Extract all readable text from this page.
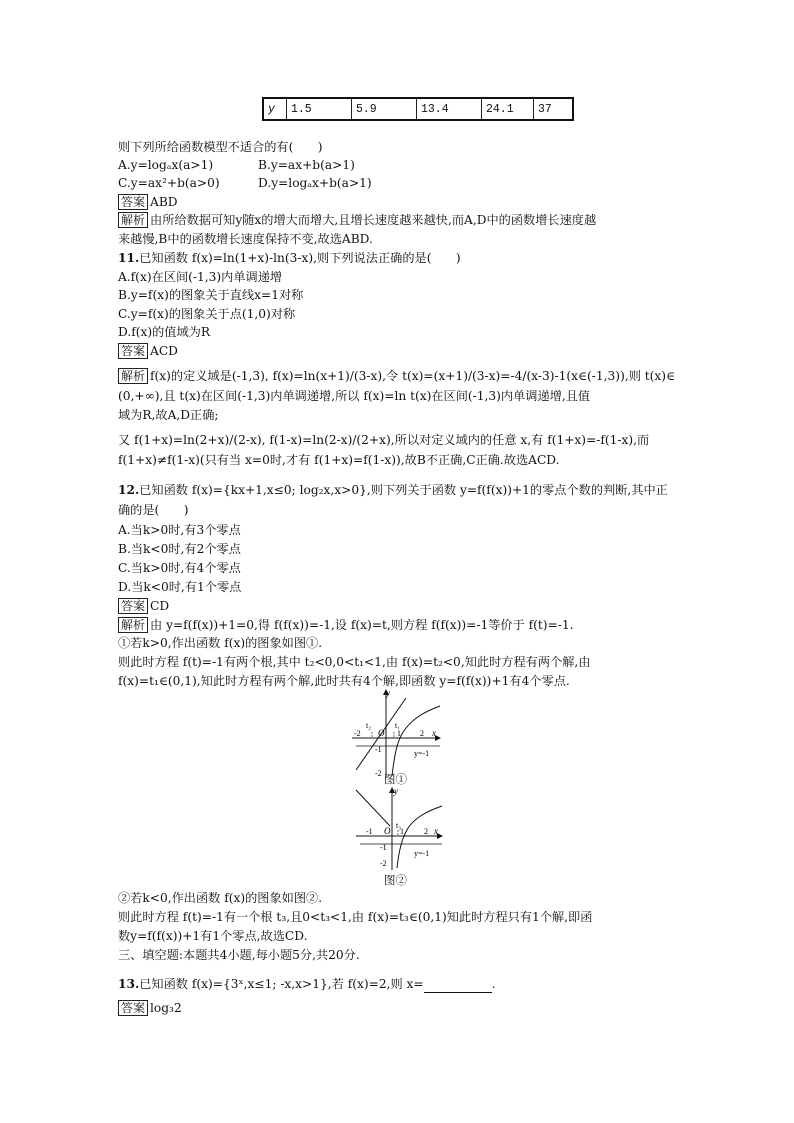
y	1.5	5.9	13.4	24.1	37
则下列所给函数模型不适合的有(　　)
A.y=logₐx(a>1)	B.y=ax+b(a>1)
C.y=ax²+b(a>0)	D.y=logₐx+b(a>1)
答案 ABD
解析 由所给数据可知y随x的增大而增大,且增长速度越来越快,而A,D中的函数增长速度越
来越慢,B中的函数增长速度保持不变,故选ABD.
11.已知函数 f(x)=ln(1+x)-ln(3-x),则下列说法正确的是(　　)
A.f(x)在区间(-1,3)内单调递增
B.y=f(x)的图象关于直线x=1对称
C.y=f(x)的图象关于点(1,0)对称
D.f(x)的值域为R
答案 ACD
解析 f(x)的定义域是(-1,3), f(x)=ln(x+1)/(3-x),令 t(x)=(x+1)/(3-x)=-4/(x-3)-1(x∈(-1,3)),则 t(x)∈
(0,+∞),且 t(x)在区间(-1,3)内单调递增,所以 f(x)=ln t(x)在区间(-1,3)内单调递增,且值
域为R,故A,D正确;
又 f(1+x)=ln(2+x)/(2-x), f(1-x)=ln(2-x)/(2+x),所以对定义域内的任意 x,有 f(1+x)=-f(1-x),而
f(1+x)≠f(1-x)(只有当 x=0时,才有 f(1+x)=f(1-x)),故B不正确,C正确.故选ACD.
12.已知函数 f(x)={kx+1,x≤0; log₂x,x>0},则下列关于函数 y=f(f(x))+1的零点个数的判断,其中正
确的是(　　)
A.当k>0时,有3个零点
B.当k<0时,有2个零点
C.当k>0时,有4个零点
D.当k<0时,有1个零点
答案 CD
解析 由 y=f(f(x))+1=0,得 f(f(x))=-1,设 f(x)=t,则方程 f(f(x))=-1等价于 f(t)=-1.
①若k>0,作出函数 f(x)的图象如图①.
则此时方程 f(t)=-1有两个根,其中 t₂<0,0<t₁<1,由 f(x)=t₂<0,知此时方程有两个解,由
f(x)=t₁∈(0,1),知此时方程有两个解,此时共有4个解,即函数 y=f(f(x))+1有4个零点.
y
x
O
-2	1 2
-1
-2
t₂	t₁
y=-1
图①
y
x
O
-1	1	2
-1
-2
t₃
y=-1
图②
②若k<0,作出函数 f(x)的图象如图②.
则此时方程 f(t)=-1有一个根 t₃,且0<t₃<1,由 f(x)=t₃∈(0,1)知此时方程只有1个解,即函
数y=f(f(x))+1有1个零点,故选CD.
三、填空题:本题共4小题,每小题5分,共20分.
13.已知函数 f(x)={3ˣ,x≤1; -x,x>1},若 f(x)=2,则 x=	.
答案 log₃2
